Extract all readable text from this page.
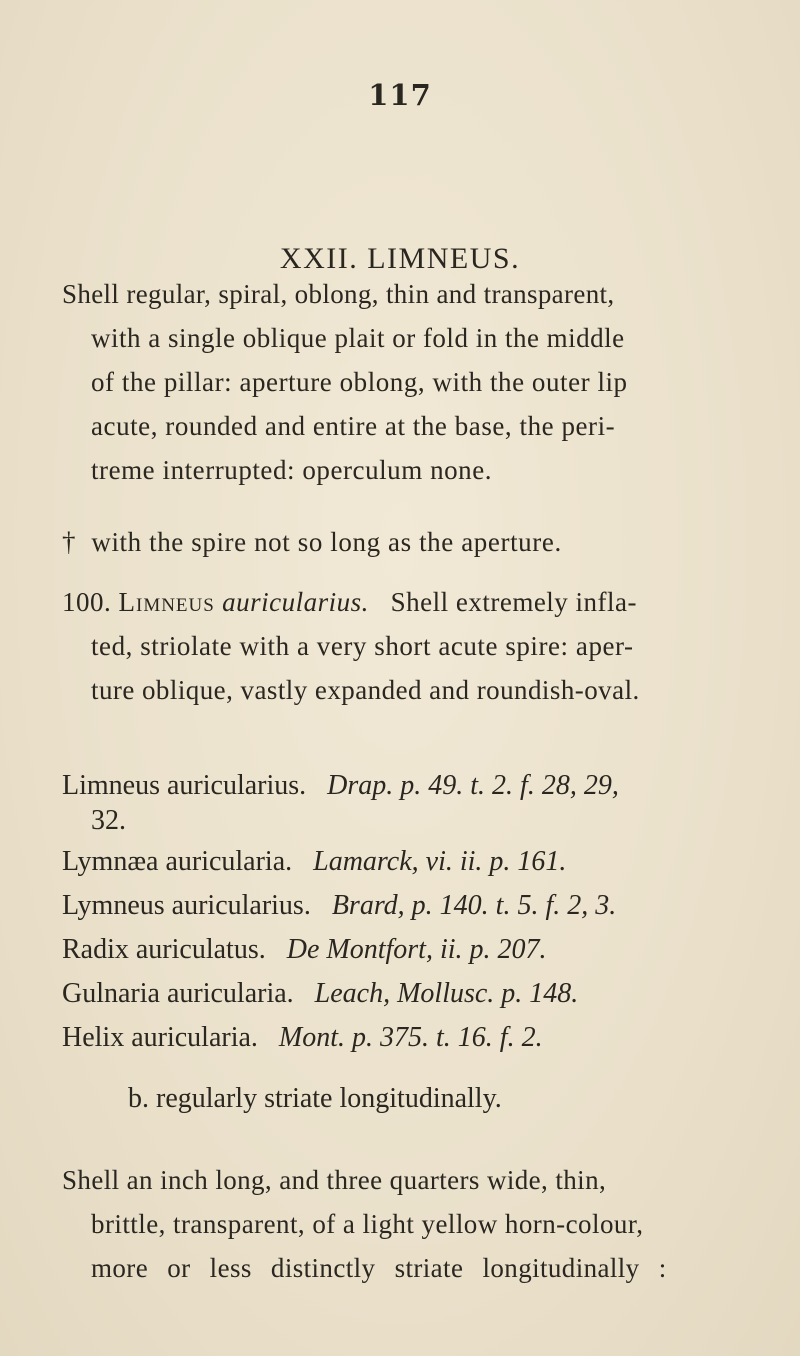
117
XXII. LIMNEUS.
Shell regular, spiral, oblong, thin and transparent,
with a single oblique plait or fold in the middle
of the pillar: aperture oblong, with the outer lip
acute, rounded and entire at the base, the peri-
treme interrupted: operculum none.
† with the spire not so long as the aperture.
100. Limneus auricularius. Shell extremely infla-
ted, striolate with a very short acute spire: aper-
ture oblique, vastly expanded and roundish-oval.
Limneus auricularius. Drap. p. 49. t. 2. f. 28, 29,
32.
Lymnæa auricularia. Lamarck, vi. ii. p. 161.
Lymneus auricularius. Brard, p. 140. t. 5. f. 2, 3.
Radix auriculatus. De Montfort, ii. p. 207.
Gulnaria auricularia. Leach, Mollusc. p. 148.
Helix auricularia. Mont. p. 375. t. 16. f. 2.
b. regularly striate longitudinally.
Shell an inch long, and three quarters wide, thin,
brittle, transparent, of a light yellow horn-colour,
more or less distinctly striate longitudinally :
